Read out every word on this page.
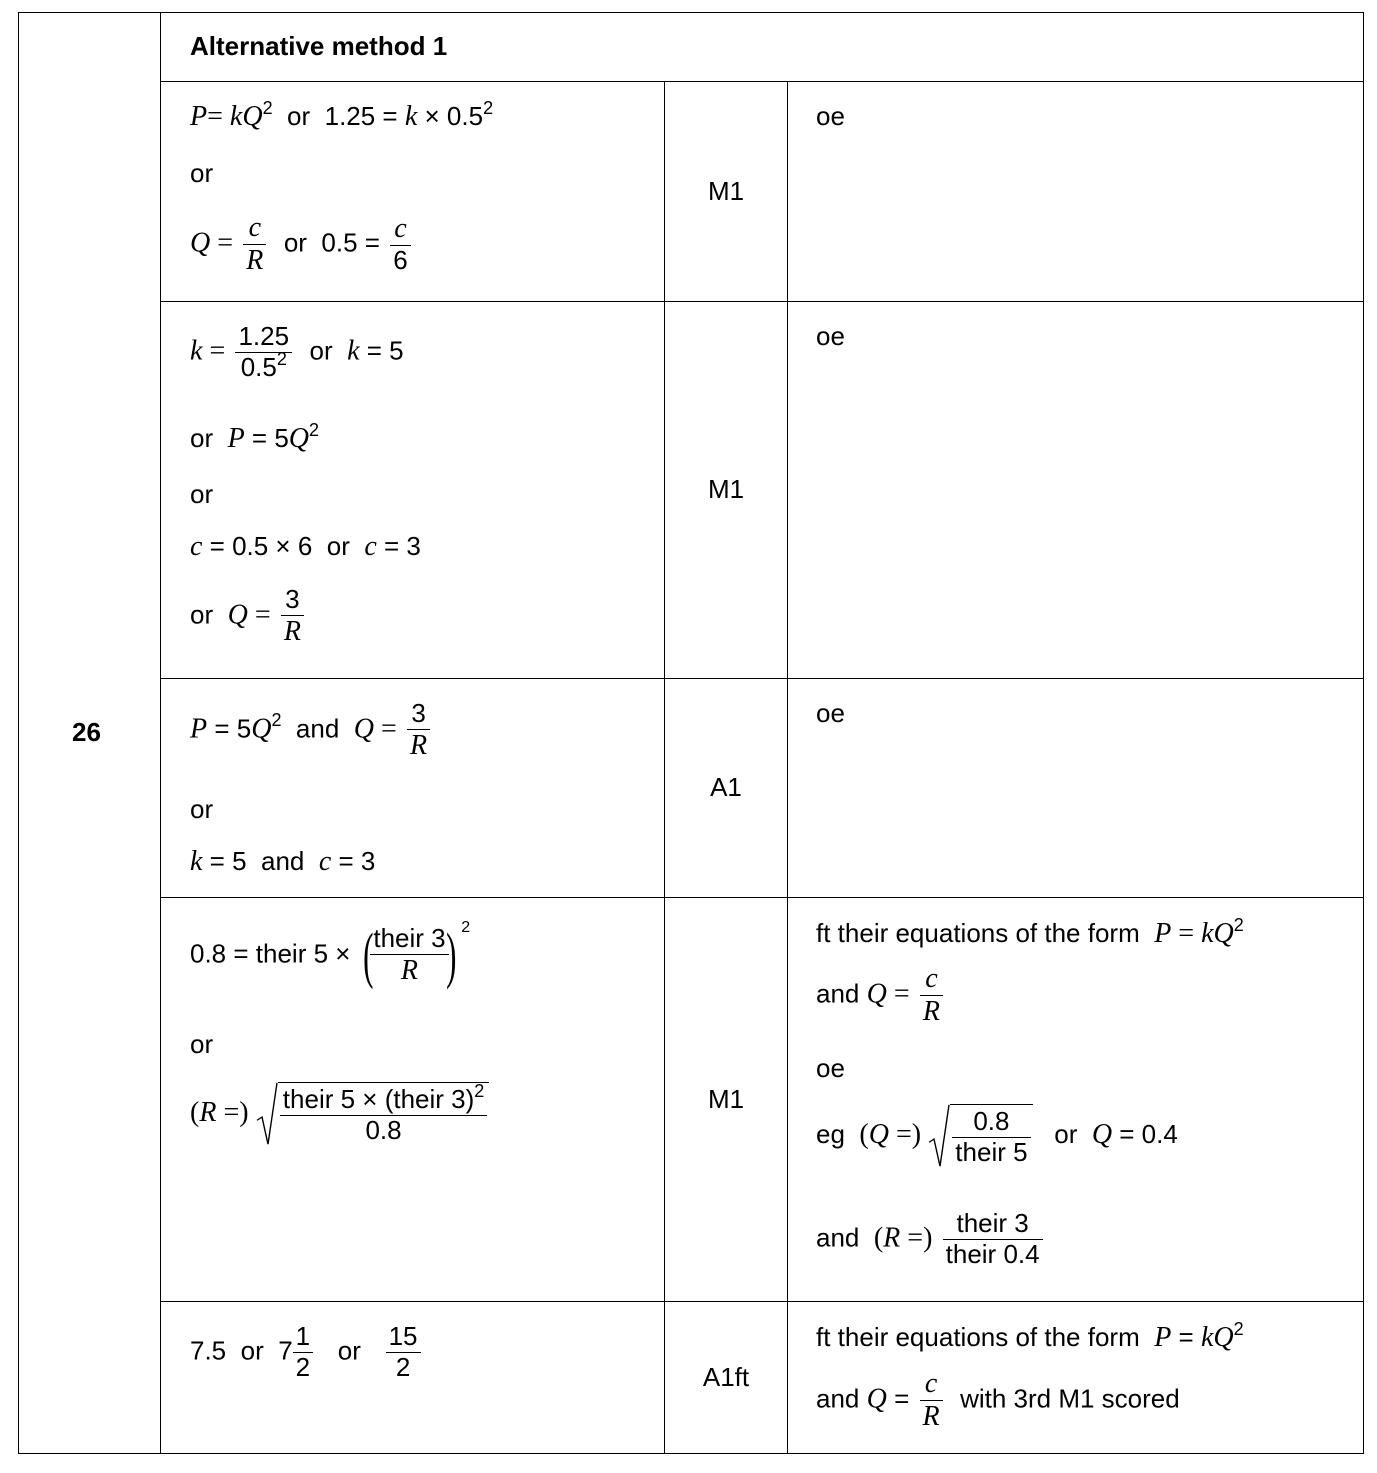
26
Alternative method 1
$P= kQ^2$ or $1.25 = k \times 0.5^2$
or
$Q = \frac{c}{R}$ or $0.5 = \frac{c}{6}$
M1
oe
$k = \frac{1.25}{0.5^2}$ or k = 5
or $P = 5Q^2$
or
c = 0.5 × 6 or c = 3
or $Q = \frac{3}{R}$
M1
oe
$P = 5Q^2$ and $Q = \frac{3}{R}$
or
k = 5 and c = 3
A1
oe
0.8 = their 5 × (
$\frac{\text{their 3}}{R}$
) $^2$
or
(R =) $\frac{their 5 \times (their 3)^2}{0.8}$	M1
ft their equations of the form $P = kQ^2$
and $Q = \frac{c}{R}$
oe
eg (Q =) $\frac{0.8}{\text{their 5}}$ or Q = 0.4
and (R =) $\frac{\text{their 3}}{\text{their 0.4}}$
7.5 or $7 \frac{1}{2}$ or $\frac{15}{2}$	A1ft
ft their equations of the form $P = kQ^2$
and $Q = \frac{c}{R}$ with 3rd M1 scored
